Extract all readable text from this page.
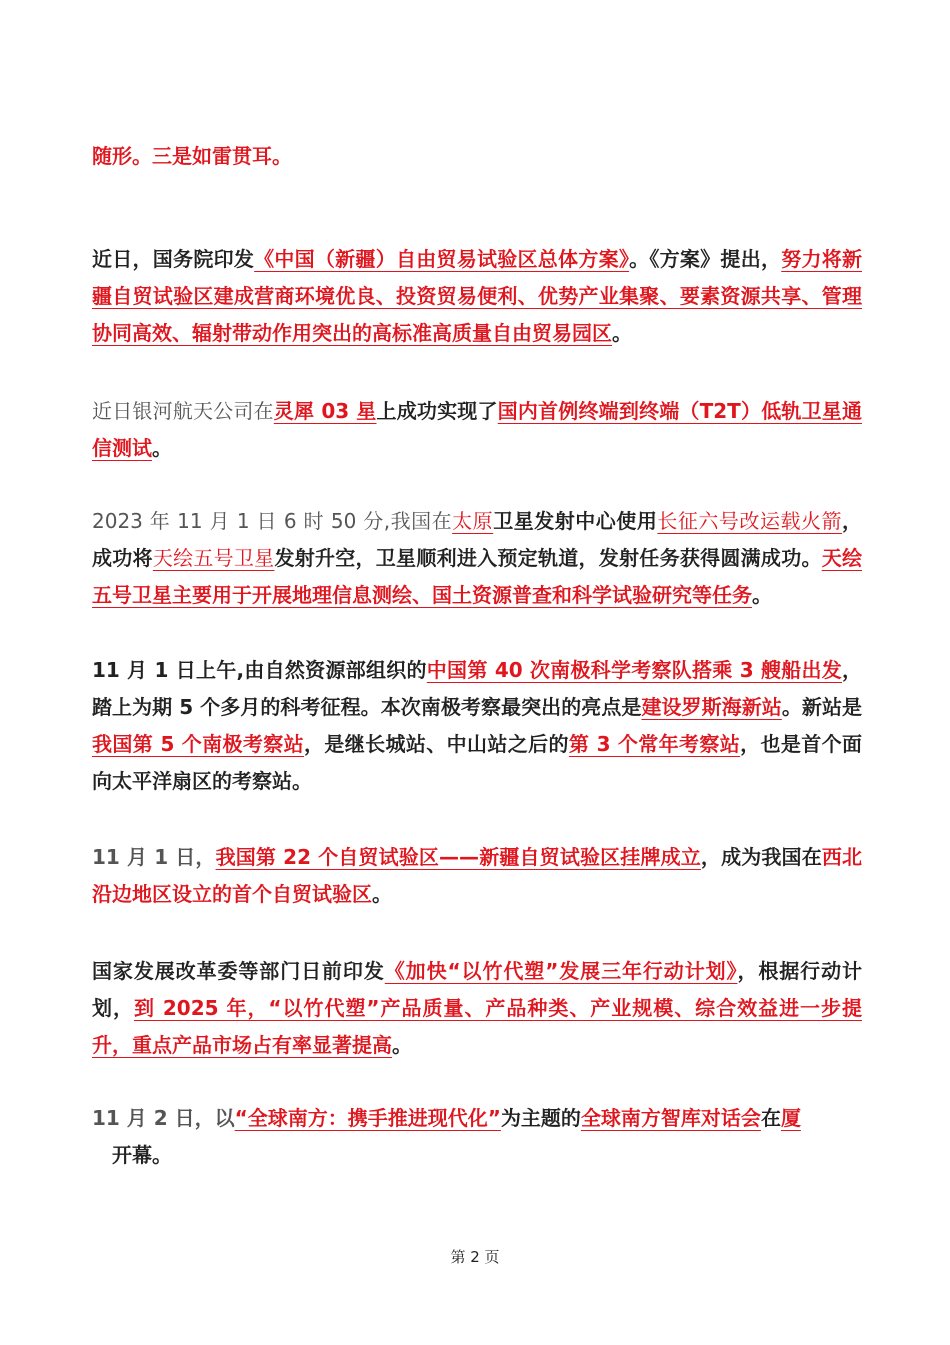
随形。三是如雷贯耳。
近日，国务院印发《中国（新疆）自由贸易试验区总体方案》。《方案》提出，努力将新疆自贸试验区建成营商环境优良、投资贸易便利、优势产业集聚、要素资源共享、管理协同高效、辐射带动作用突出的高标准高质量自由贸易园区。
近日银河航天公司在灵犀 03 星上成功实现了国内首例终端到终端（T2T）低轨卫星通信测试。
2023 年 11 月 1 日 6 时 50 分,我国在太原卫星发射中心使用长征六号改运载火箭，成功将天绘五号卫星发射升空，卫星顺利进入预定轨道，发射任务获得圆满成功。天绘五号卫星主要用于开展地理信息测绘、国土资源普查和科学试验研究等任务。
11 月 1 日上午,由自然资源部组织的中国第 40 次南极科学考察队搭乘 3 艘船出发，踏上为期 5 个多月的科考征程。本次南极考察最突出的亮点是建设罗斯海新站。新站是我国第 5 个南极考察站，是继长城站、中山站之后的第 3 个常年考察站，也是首个面向太平洋扇区的考察站。
11 月 1 日，我国第 22 个自贸试验区——新疆自贸试验区挂牌成立，成为我国在西北沿边地区设立的首个自贸试验区。
国家发展改革委等部门日前印发《加快“以竹代塑”发展三年行动计划》，根据行动计划，到 2025 年，“以竹代塑”产品质量、产品种类、产业规模、综合效益进一步提升，重点产品市场占有率显著提高。
11 月 2 日，以“全球南方：携手推进现代化”为主题的全球南方智库对话会在厦
开幕。
第 2 页
